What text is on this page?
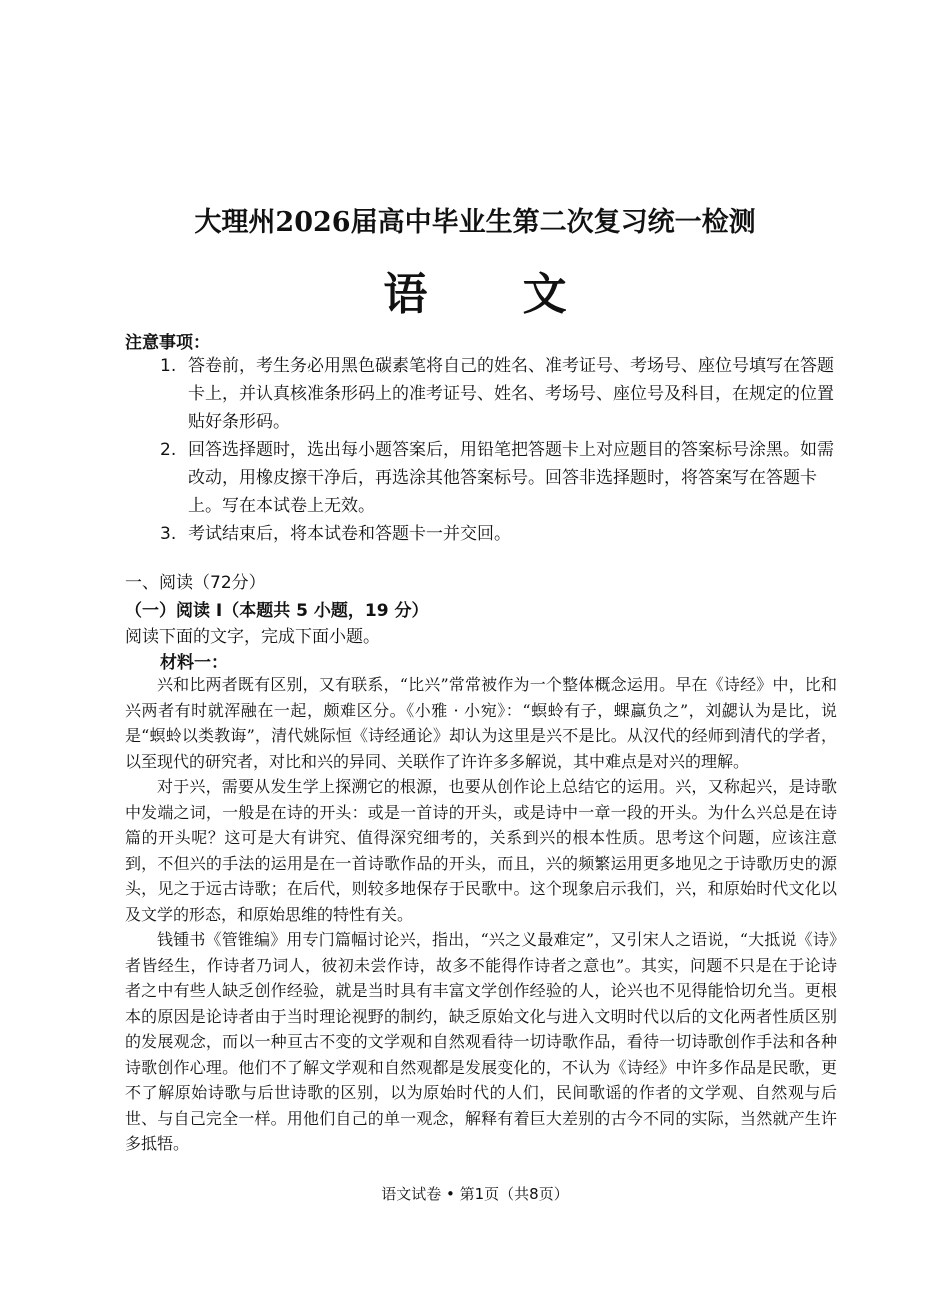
大理州2026届高中毕业生第二次复习统一检测
语 文
注意事项：
1. 答卷前，考生务必用黑色碳素笔将自己的姓名、准考证号、考场号、座位号填写在答题卡上，并认真核准条形码上的准考证号、姓名、考场号、座位号及科目，在规定的位置贴好条形码。
2. 回答选择题时，选出每小题答案后，用铅笔把答题卡上对应题目的答案标号涂黑。如需改动，用橡皮擦干净后，再选涂其他答案标号。回答非选择题时，将答案写在答题卡上。写在本试卷上无效。
3. 考试结束后，将本试卷和答题卡一并交回。
一、阅读（72分）
（一）阅读 I（本题共 5 小题，19 分）
阅读下面的文字，完成下面小题。
材料一：

兴和比两者既有区别，又有联系，“比兴”常常被作为一个整体概念运用。早在《诗经》中，比和兴两者有时就浑融在一起，颇难区分。《小雅 · 小宛》：“螟蛉有子，蜾蠃负之”，刘勰认为是比，说是“螟蛉以类教诲”，清代姚际恒《诗经通论》却认为这里是兴不是比。从汉代的经师到清代的学者，以至现代的研究者，对比和兴的异同、关联作了许许多多解说，其中难点是对兴的理解。

对于兴，需要从发生学上探溯它的根源，也要从创作论上总结它的运用。兴，又称起兴，是诗歌中发端之词，一般是在诗的开头：或是一首诗的开头，或是诗中一章一段的开头。为什么兴总是在诗篇的开头呢？这可是大有讲究、值得深究细考的，关系到兴的根本性质。思考这个问题，应该注意到，不但兴的手法的运用是在一首诗歌作品的开头，而且，兴的频繁运用更多地见之于诗歌历史的源头，见之于远古诗歌；在后代，则较多地保存于民歌中。这个现象启示我们，兴，和原始时代文化以及文学的形态，和原始思维的特性有关。

钱锺书《管锥编》用专门篇幅讨论兴，指出，“兴之义最难定”，又引宋人之语说，“大抵说《诗》者皆经生，作诗者乃词人，彼初未尝作诗，故多不能得作诗者之意也”。其实，问题不只是在于论诗者之中有些人缺乏创作经验，就是当时具有丰富文学创作经验的人，论兴也不见得能恰切允当。更根本的原因是论诗者由于当时理论视野的制约，缺乏原始文化与进入文明时代以后的文化两者性质区别的发展观念，而以一种亘古不变的文学观和自然观看待一切诗歌作品，看待一切诗歌创作手法和各种诗歌创作心理。他们不了解文学观和自然观都是发展变化的，不认为《诗经》中许多作品是民歌，更不了解原始诗歌与后世诗歌的区别，以为原始时代的人们，民间歌谣的作者的文学观、自然观与后世、与自己完全一样。用他们自己的单一观念，解释有着巨大差别的古今不同的实际，当然就产生许多抵牾。

语文试卷 • 第1页（共8页）
